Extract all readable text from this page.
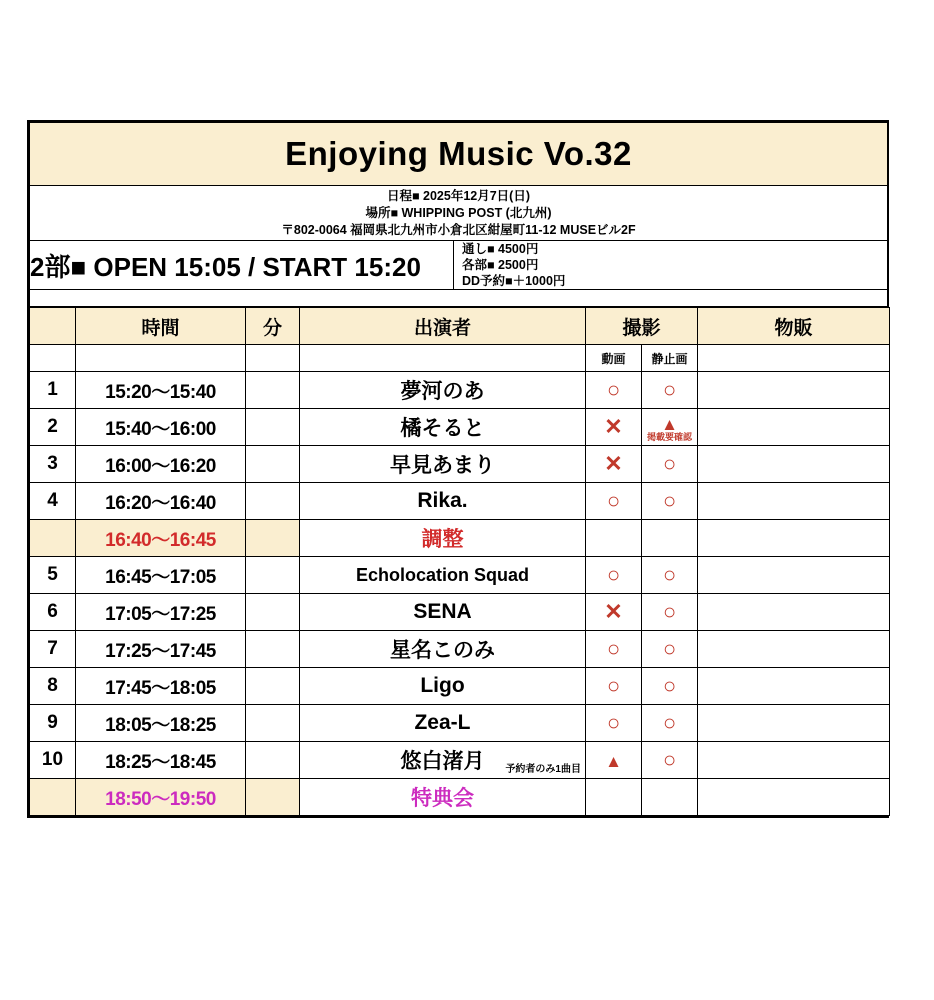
Enjoying Music Vo.32

日程■ 2025年12月7日(日)
場所■ WHIPPING POST (北九州)
〒802-0064 福岡県北九州市小倉北区紺屋町11-12 MUSEビル2F

2部■ OPEN 15:05 / START 15:20	
通し■ 4500円
各部■ 2500円
DD予約■＋1000円

	時間	分	出演者	撮影		物販
				動画	静止画	
1	15:20〜15:40		夢河のあ	○	○	
2	15:40〜16:00		橘そると	✕	▲
掲載要確認	

3	16:00〜16:20		早見あまり	✕	○	
4	16:20〜16:40		Rika.	○	○	
	16:40〜16:45		調整			

5	16:45〜17:05		Echolocation Squad	○	○	
6	17:05〜17:25		SENA	✕	○	
7	17:25〜17:45		星名このみ	○	○	
8	17:45〜18:05		Ligo	○	○	
9	18:05〜18:25		Zea-L	○	○	
10	18:25〜18:45		悠白渚月 予約者のみ1曲目	▲	○	
	18:50〜19:50		特典会			
